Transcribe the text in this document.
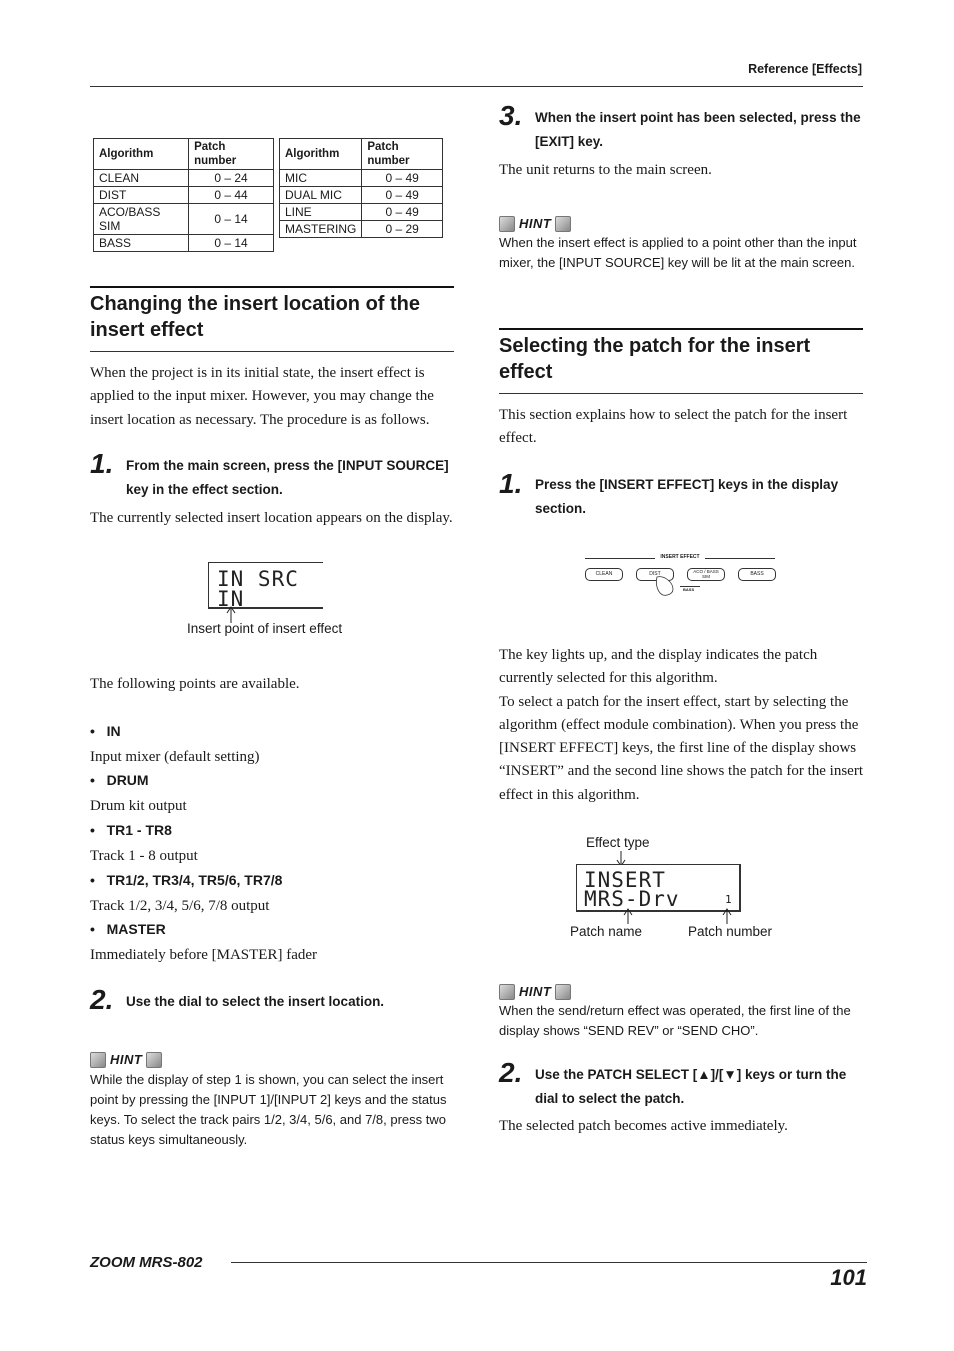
Reference [Effects]
Algorithm	Patch number
CLEAN	0 – 24
DIST	0 – 44
ACO/BASS SIM	0 – 14
BASS	0 – 14
Algorithm	Patch number
MIC	0 – 49
DUAL MIC	0 – 49
LINE	0 – 49
MASTERING	0 – 29
Changing the insert location of the insert effect
When the project is in its initial state, the insert effect is applied to the input mixer. However, you may change the insert location as necessary. The procedure is as follows.
1. From the main screen, press the [INPUT SOURCE] key in the effect section.
The currently selected insert location appears on the display.
IN SRC
IN
Insert point of insert effect
The following points are available.
•   IN
Input mixer (default setting)
•   DRUM
Drum kit output
•   TR1 - TR8
Track 1 - 8 output
•   TR1/2, TR3/4, TR5/6, TR7/8
Track 1/2, 3/4, 5/6, 7/8 output
•   MASTER
Immediately before [MASTER] fader
2. Use the dial to select the insert location.
HINT
While the display of step 1 is shown, you can select the insert point by pressing the [INPUT 1]/[INPUT 2] keys and the status keys. To select the track pairs 1/2, 3/4, 5/6, and 7/8, press two status keys simultaneously.
3. When the insert point has been selected, press the [EXIT] key.
The unit returns to the main screen.
HINT
When the insert effect is applied to a point other than the input mixer, the [INPUT SOURCE] key will be lit at the main screen.
Selecting the patch for the insert effect
This section explains how to select the patch for the insert effect.
1. Press the [INSERT EFFECT] keys in the display section.
INSERT EFFECT
CLEAN	DIST	ACO / BASS
SIM	BASS
BASS
The key lights up, and the display indicates the patch currently selected for this algorithm.
To select a patch for the insert effect, start by selecting the algorithm (effect module combination). When you press the [INSERT EFFECT] keys, the first line of the display shows “INSERT” and the second line shows the patch for the insert effect in this algorithm.
Effect type
INSERT
MRS-Drv	1
Patch name	Patch number
HINT
When the send/return effect was operated, the first line of the display shows “SEND REV” or “SEND CHO”.
2. Use the PATCH SELECT [▲]/[▼] keys or turn the dial to select the patch.
The selected patch becomes active immediately.
ZOOM MRS-802
101
